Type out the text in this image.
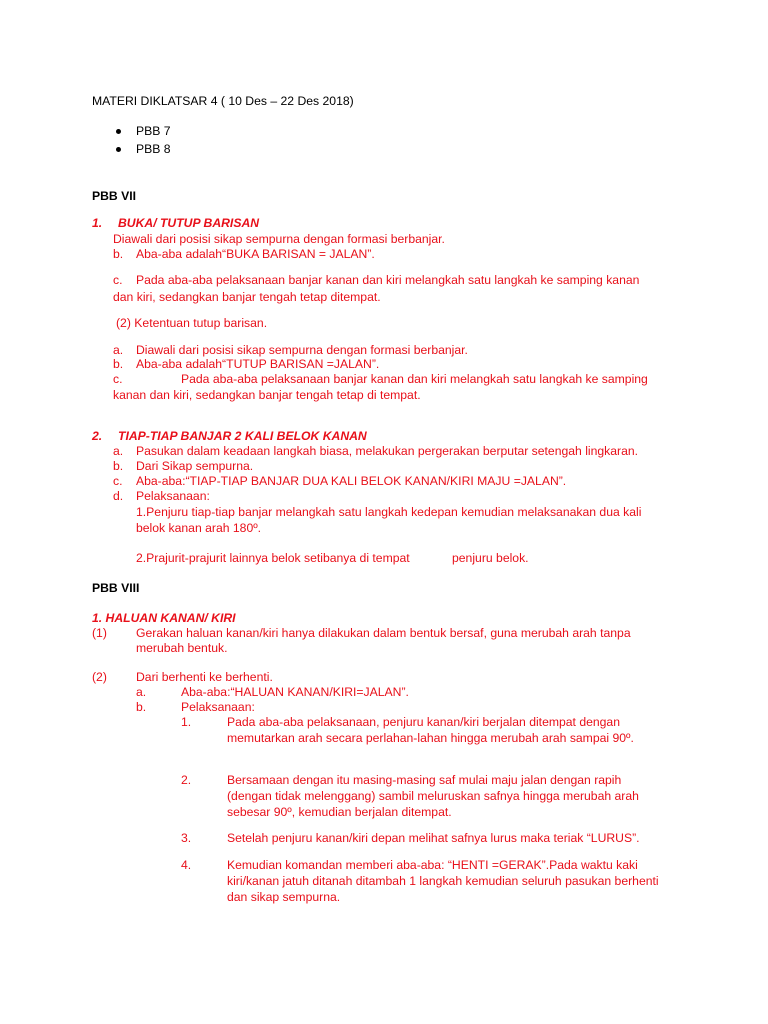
MATERI DIKLATSAR 4 ( 10 Des – 22 Des 2018)
PBB 7
PBB 8
PBB VII
1. BUKA/ TUTUP BARISAN
Diawali dari posisi sikap sempurna dengan formasi berbanjar.
b. Aba-aba adalah“BUKA BARISAN = JALAN”.
c. Pada aba-aba pelaksanaan banjar kanan dan kiri melangkah satu langkah ke samping kanan
dan kiri, sedangkan banjar tengah tetap ditempat.
(2) Ketentuan tutup barisan.
a. Diawali dari posisi sikap sempurna dengan formasi berbanjar.
b. Aba-aba adalah“TUTUP BARISAN =JALAN”.
c.	Pada aba-aba pelaksanaan banjar kanan dan kiri melangkah satu langkah ke samping
kanan dan kiri, sedangkan banjar tengah tetap di tempat.
2. TIAP-TIAP BANJAR 2 KALI BELOK KANAN
a. Pasukan dalam keadaan langkah biasa, melakukan pergerakan berputar setengah lingkaran.
b. Dari Sikap sempurna.
c. Aba-aba:“TIAP-TIAP BANJAR DUA KALI BELOK KANAN/KIRI MAJU =JALAN”.
d. Pelaksanaan:
1.Penjuru tiap-tiap banjar melangkah satu langkah kedepan kemudian melaksanakan dua kali
belok kanan arah 180º.
2.Prajurit-prajurit lainnya belok setibanya di tempat	penjuru belok.
PBB VIII
1. HALUAN KANAN/ KIRI
(1) Gerakan haluan kanan/kiri hanya dilakukan dalam bentuk bersaf, guna merubah arah tanpa
merubah bentuk.
(2) Dari berhenti ke berhenti.
a.	Aba-aba:“HALUAN KANAN/KIRI=JALAN”.
b.	Pelaksanaan:
1.	Pada aba-aba pelaksanaan, penjuru kanan/kiri berjalan ditempat dengan
memutarkan arah secara perlahan-lahan hingga merubah arah sampai 90º.
2.	Bersamaan dengan itu masing-masing saf mulai maju jalan dengan rapih
(dengan tidak melenggang) sambil meluruskan safnya hingga merubah arah
sebesar 90º, kemudian berjalan ditempat.
3.	Setelah penjuru kanan/kiri depan melihat safnya lurus maka teriak “LURUS”.
4.	Kemudian komandan memberi aba-aba: “HENTI =GERAK”.Pada waktu kaki
kiri/kanan jatuh ditanah ditambah 1 langkah kemudian seluruh pasukan berhenti
dan sikap sempurna.
